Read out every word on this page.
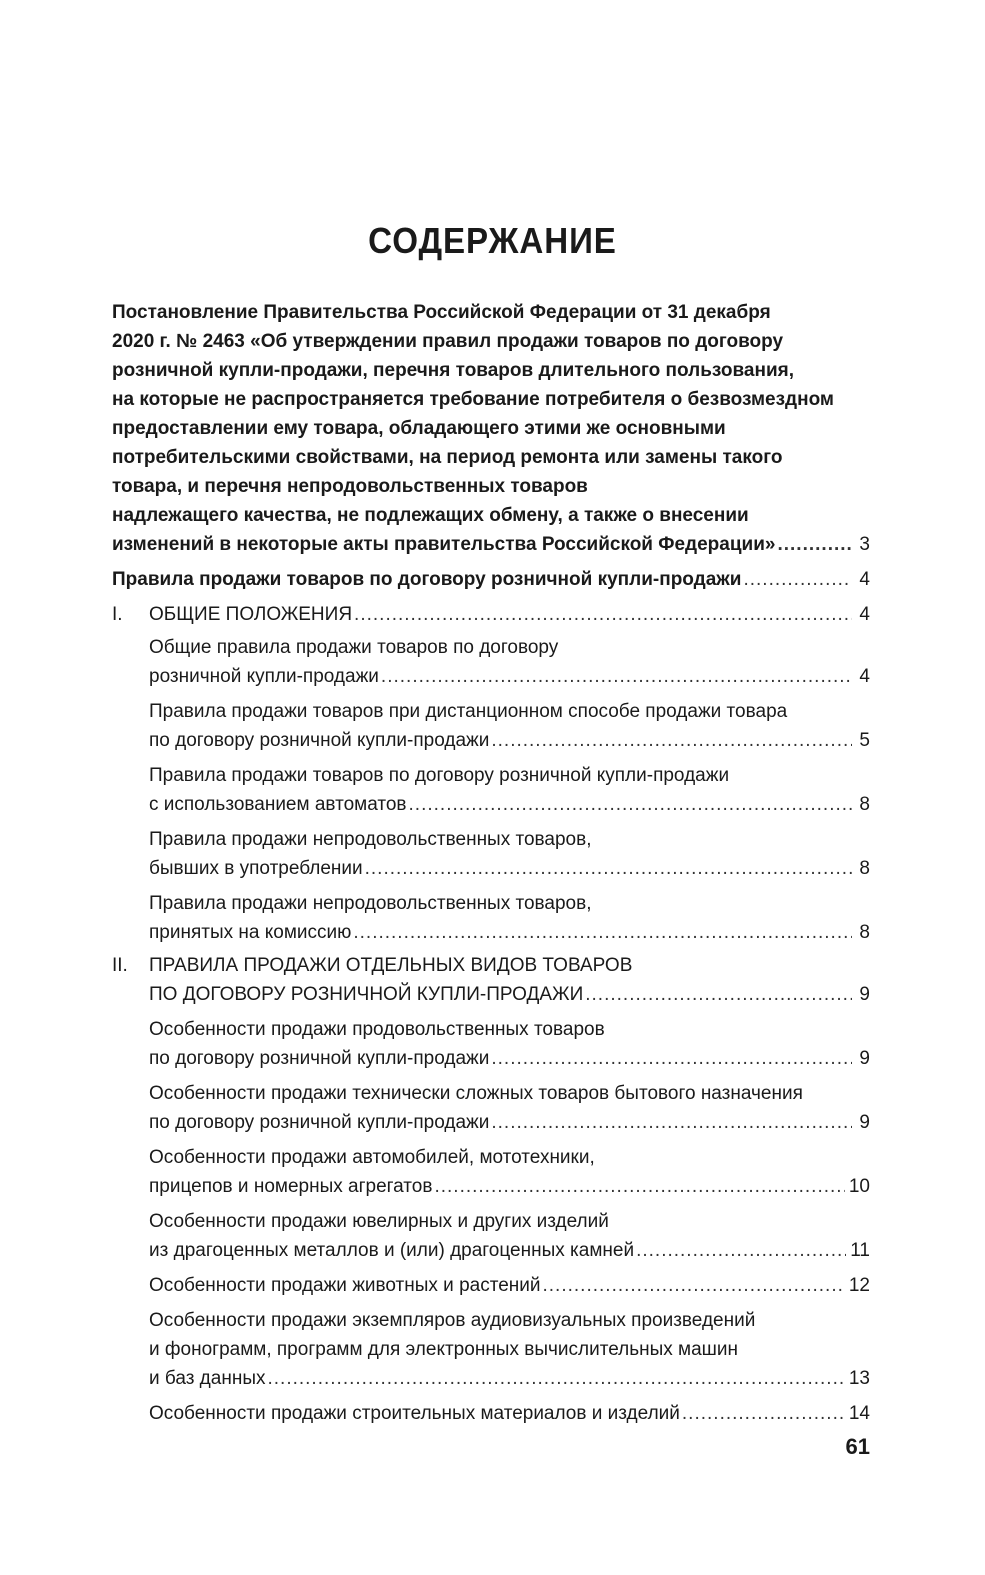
СОДЕРЖАНИЕ
Постановление Правительства Российской Федерации от 31 декабря
2020 г. № 2463 «Об утверждении правил продажи товаров по договору
розничной купли-продажи, перечня товаров длительного пользования,
на которые не распространяется требование потребителя о безвозмездном
предоставлении ему товара, обладающего этими же основными
потребительскими свойствами, на период ремонта или замены такого
товара, и перечня непродовольственных товаров
надлежащего качества, не подлежащих обмену, а также о внесении
изменений в некоторые акты правительства Российской Федерации» .....	3
Правила продажи товаров по договору розничной купли-продажи .....	4
I.	ОБЩИЕ ПОЛОЖЕНИЯ .....	4
Общие правила продажи товаров по договору
розничной купли-продажи .....	4
Правила продажи товаров при дистанционном способе продажи товара
по договору розничной купли-продажи .....	5
Правила продажи товаров по договору розничной купли-продажи
с использованием автоматов .....	8
Правила продажи непродовольственных товаров,
бывших в употреблении .....	8
Правила продажи непродовольственных товаров,
принятых на комиссию .....	8
II.	ПРАВИЛА ПРОДАЖИ ОТДЕЛЬНЫХ ВИДОВ ТОВАРОВ
ПО ДОГОВОРУ РОЗНИЧНОЙ КУПЛИ-ПРОДАЖИ .....	9
Особенности продажи продовольственных товаров
по договору розничной купли-продажи .....	9
Особенности продажи технически сложных товаров бытового назначения
по договору розничной купли-продажи .....	9
Особенности продажи автомобилей, мототехники,
прицепов и номерных агрегатов .....	10
Особенности продажи ювелирных и других изделий
из драгоценных металлов и (или) драгоценных камней .....	11
Особенности продажи животных и растений .....	12
Особенности продажи экземпляров аудиовизуальных произведений
и фонограмм, программ для электронных вычислительных машин
и баз данных .....	13
Особенности продажи строительных материалов и изделий .....	14
61
